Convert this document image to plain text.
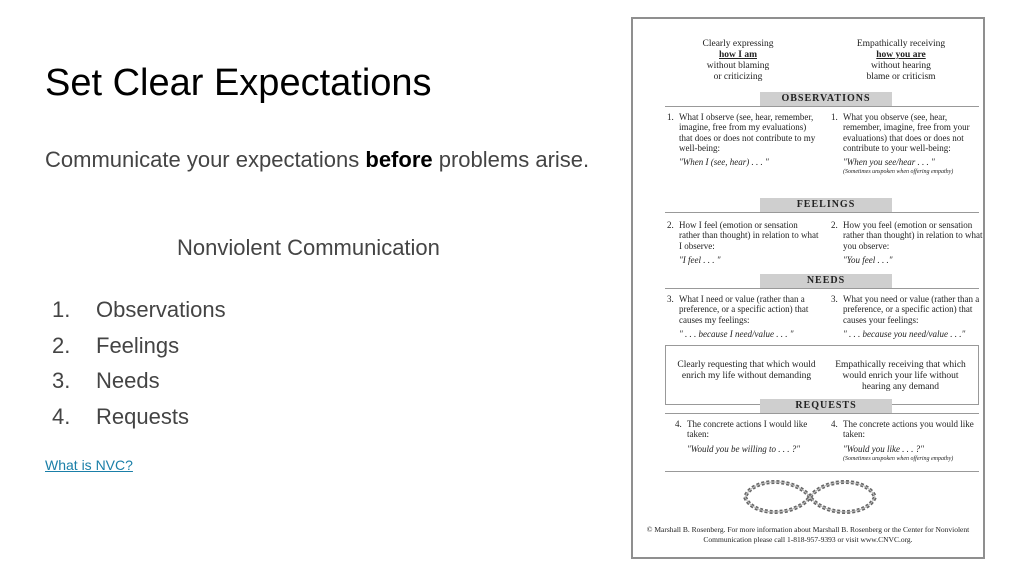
Set Clear Expectations

Communicate your expectations before problems arise.

Nonviolent Communication

1. Observations
2. Feelings
3. Needs
4. Requests
What is NVC?
Clearly expressing
how I am
without blaming
or criticizing
Empathically receiving
how you are
without hearing
blame or criticism
OBSERVATIONS
1. What I observe (see, hear, remember, imagine, free from my evaluations) that does or does not contribute to my well-being:
"When I (see, hear) . . . "
1. What you observe (see, hear, remember, imagine, free from your evaluations) that does or does not contribute to your well-being:
"When you see/hear . . . "
(Sometimes unspoken when offering empathy)
FEELINGS
2. How I feel (emotion or sensation rather than thought) in relation to what I observe:
"I feel . . . "
2. How you feel (emotion or sensation rather than thought) in relation to what you observe:
"You feel . . ."
NEEDS
3. What I need or value (rather than a preference, or a specific action) that causes my feelings:
" . . . because I need/value . . . "
3. What you need or value (rather than a preference, or a specific action) that causes your feelings:
" . . . because you need/value . . ."
Clearly requesting that which would enrich my life without demanding
Empathically receiving that which would enrich your life without hearing any demand
REQUESTS
4. The concrete actions I would like taken:
"Would you be willing to . . . ?"
4. The concrete actions you would like taken:
"Would you like . . . ?"
(Sometimes unspoken when offering empathy)
© Marshall B. Rosenberg. For more information about Marshall B. Rosenberg or the Center for Nonviolent Communication please call 1-818-957-9393 or visit www.CNVC.org.
